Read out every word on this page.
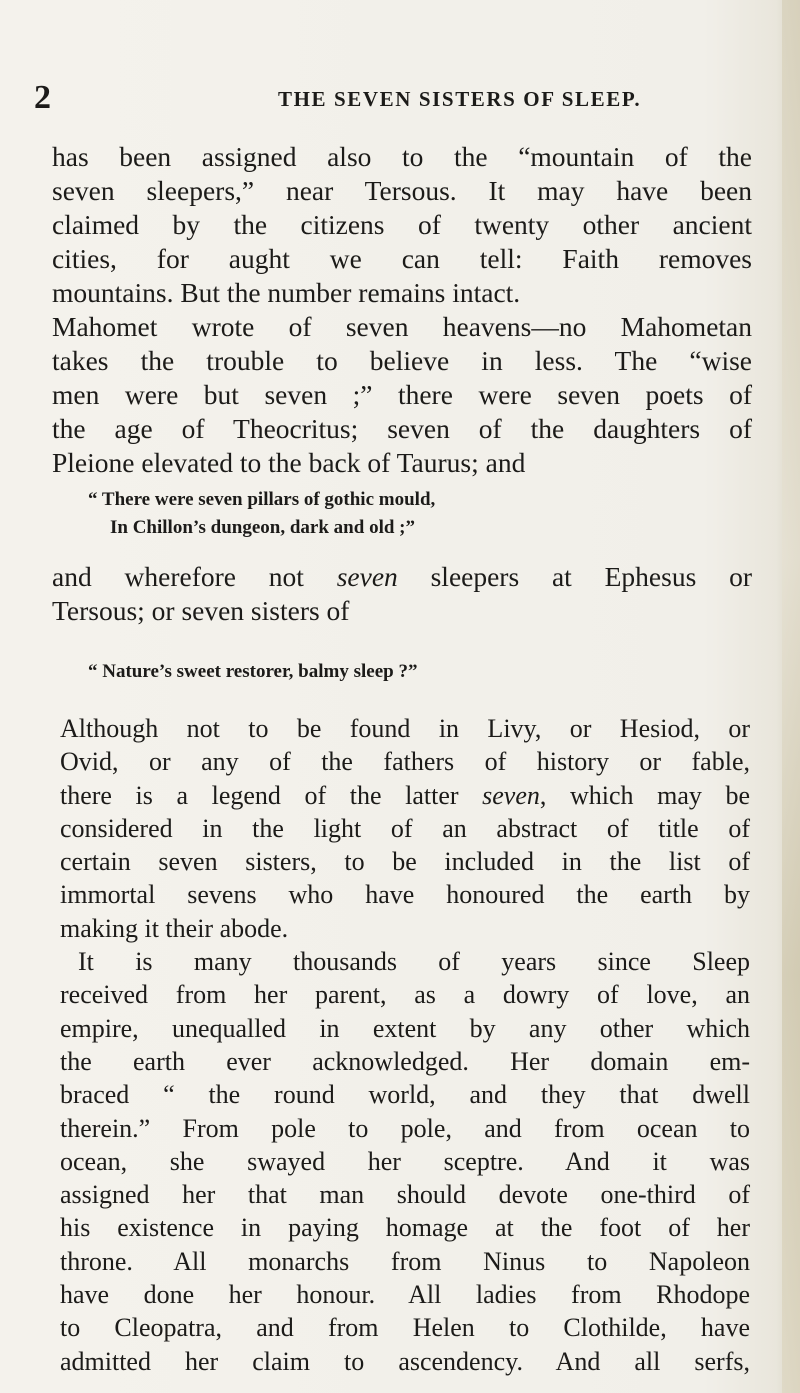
2	THE SEVEN SISTERS OF SLEEP.
has been assigned also to the “mountain of the
seven sleepers,” near Tersous. It may have been
claimed by the citizens of twenty other ancient
cities, for aught we can tell: Faith removes
mountains. But the number remains intact.
Mahomet wrote of seven heavens—no Mahometan
takes the trouble to believe in less. The “wise
men were but seven ;” there were seven poets of
the age of Theocritus; seven of the daughters of
Pleione elevated to the back of Taurus; and
“ There were seven pillars of gothic mould,
In Chillon’s dungeon, dark and old ;”
and wherefore not seven sleepers at Ephesus or
Tersous; or seven sisters of
“ Nature’s sweet restorer, balmy sleep ?”
Although not to be found in Livy, or Hesiod, or
Ovid, or any of the fathers of history or fable,
there is a legend of the latter seven, which may be
considered in the light of an abstract of title of
certain seven sisters, to be included in the list of
immortal sevens who have honoured the earth by
making it their abode.
It is many thousands of years since Sleep
received from her parent, as a dowry of love, an
empire, unequalled in extent by any other which
the earth ever acknowledged. Her domain em-
braced “ the round world, and they that dwell
therein.” From pole to pole, and from ocean to
ocean, she swayed her sceptre. And it was
assigned her that man should devote one-third of
his existence in paying homage at the foot of her
throne. All monarchs from Ninus to Napoleon
have done her honour. All ladies from Rhodope
to Cleopatra, and from Helen to Clothilde, have
admitted her claim to ascendency. And all serfs,
